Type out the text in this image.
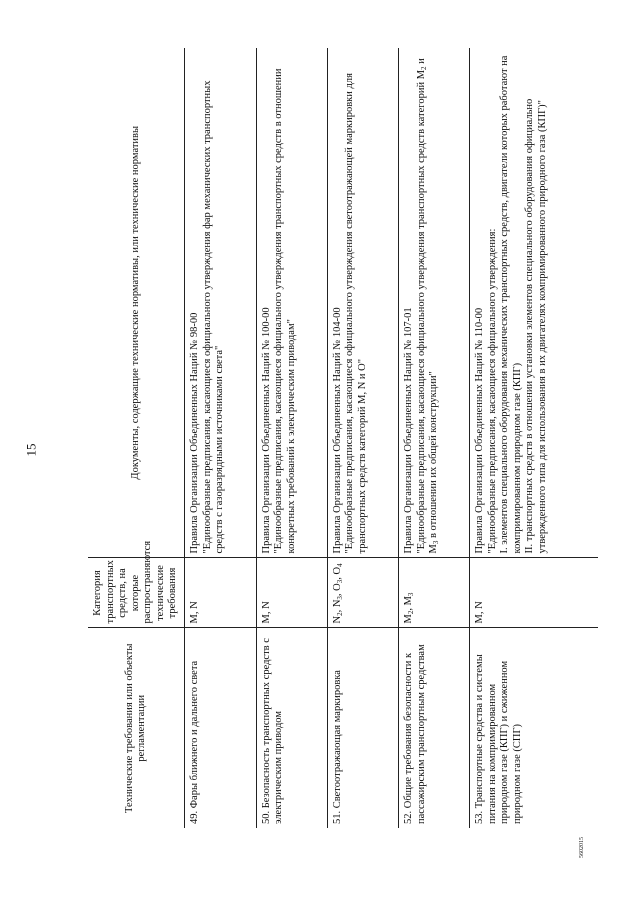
15
5602015
Технические требования или объекты регламентации	Категория транспортных средств, на которые распространяются технические требования	Документы, содержащие технические нормативы, или технические нормативы
49. Фары ближнего и дальнего света	M, N	Правила Организации Объединенных Наций № 98-00 "Единообразные предписания, касающиеся официального утверждения фар механических транспортных средств с газоразрядными источниками света"

50. Безопасность транспортных средств с электрическим приводом	M, N	Правила Организации Объединенных Наций № 100-00 "Единообразные предписания, касающиеся официального утверждения транспортных средств в отношении конкретных требований к электрическим приводам"

51. Светоотражающая маркировка	$N_2$, $N_3$, $O_3$, $O_4$	Правила Организации Объединенных Наций № 104-00 "Единообразные предписания, касающиеся официального утверждения светоотражающей маркировки для транспортных средств категорий M, N и O"

52. Общие требования безопасности к пассажирским транспортным средствам	$M_2$, $M_3$	Правила Организации Объединенных Наций № 107-01 "Единообразные предписания, касающиеся официального утверждения транспортных средств категорий $M_2$ и $M_3$ в отношении их общей конструкции"

53. Транспортные средства и системы питания на компримированном природном газе (КПГ) и сжиженном природном газе (СПГ)	M, N	Правила Организации Объединенных Наций № 110-00 "Единообразные предписания, касающиеся официального утверждения: I. элементов специального оборудования механических транспортных средств, двигатели которых работают на компримированном природном газе (КПГ) II. транспортных средств в отношении установки элементов специального оборудования официально утвержденного типа для использования в их двигателях компримированного природного газа (КПГ)"
